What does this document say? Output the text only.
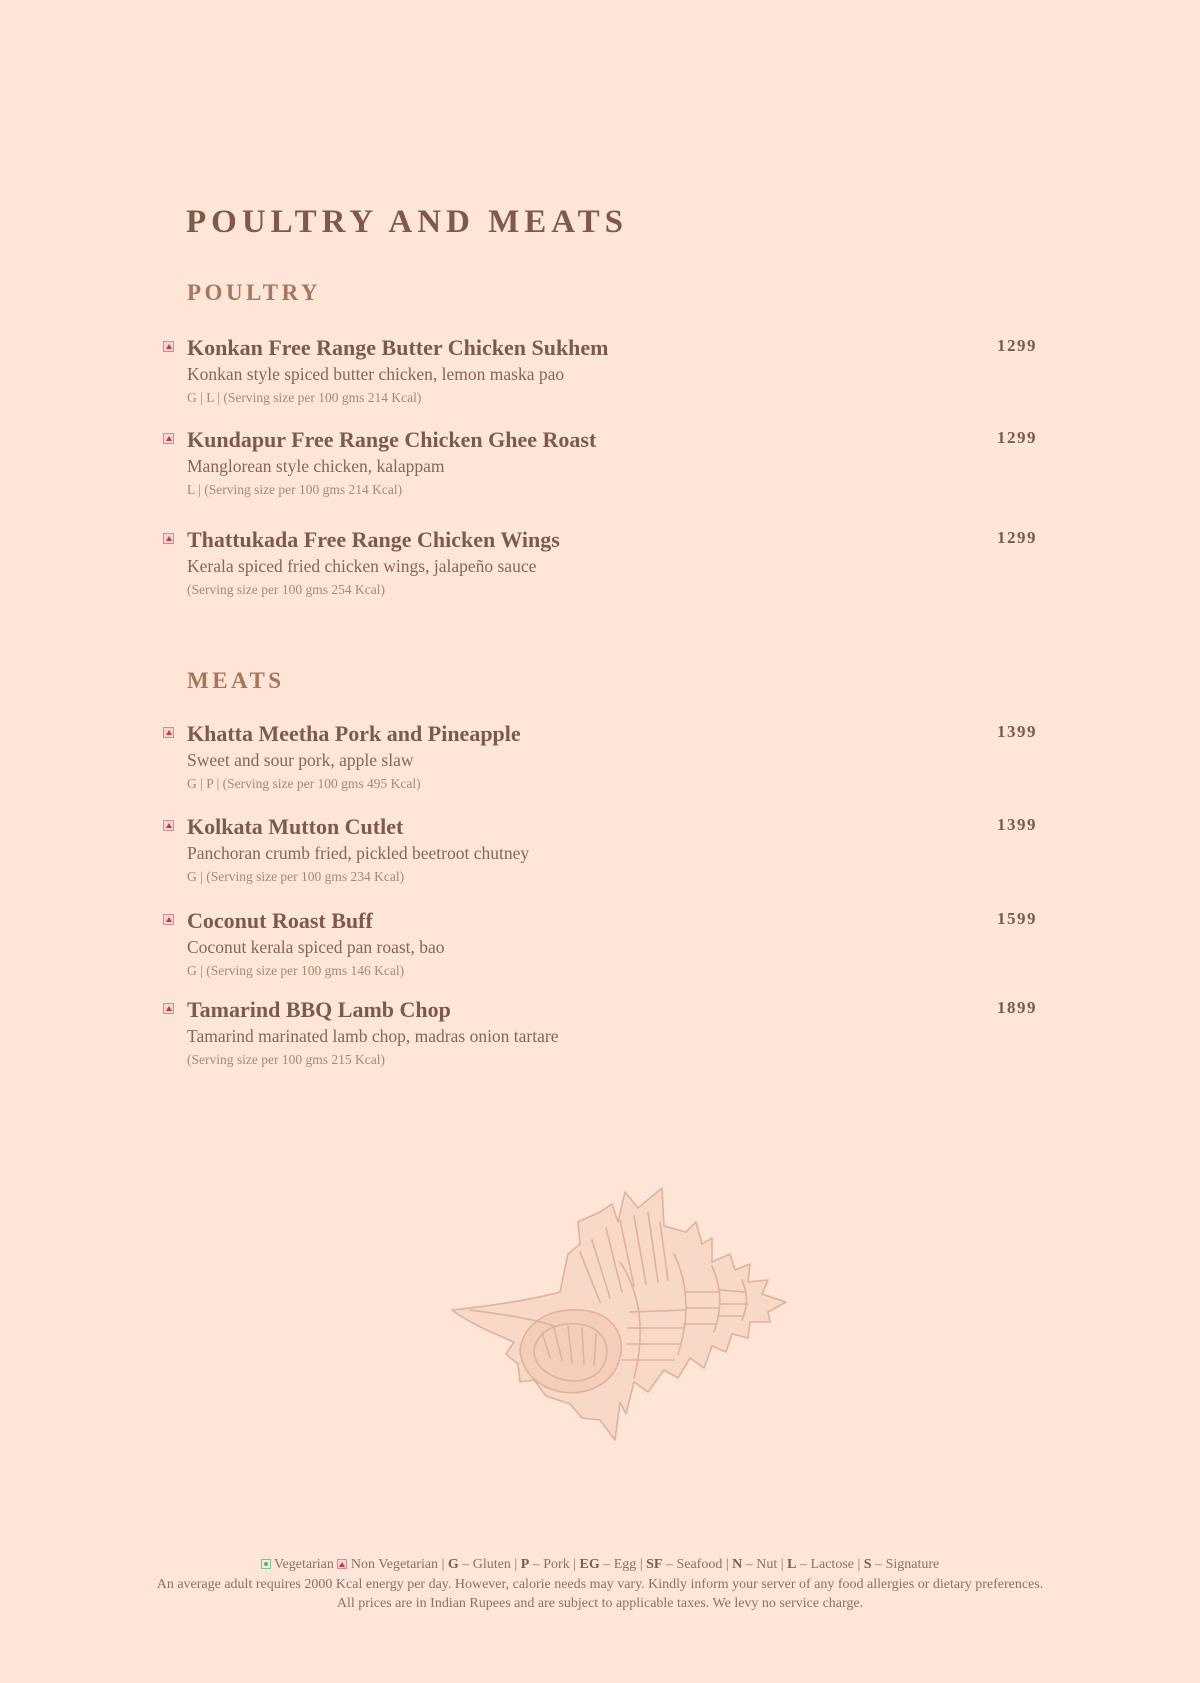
POULTRY AND MEATS
POULTRY
Konkan Free Range Butter Chicken Sukhem	1299
Konkan style spiced butter chicken, lemon maska pao
G | L | (Serving size per 100 gms 214 Kcal)
Kundapur Free Range Chicken Ghee Roast	1299
Manglorean style chicken, kalappam
L | (Serving size per 100 gms 214 Kcal)
Thattukada Free Range Chicken Wings	1299
Kerala spiced fried chicken wings, jalapeño sauce
(Serving size per 100 gms 254 Kcal)
MEATS
Khatta Meetha Pork and Pineapple	1399
Sweet and sour pork, apple slaw
G | P | (Serving size per 100 gms 495 Kcal)
Kolkata Mutton Cutlet	1399
Panchoran crumb fried, pickled beetroot chutney
G | (Serving size per 100 gms 234 Kcal)
Coconut Roast Buff	1599
Coconut kerala spiced pan roast, bao
G | (Serving size per 100 gms 146 Kcal)
Tamarind BBQ Lamb Chop	1899
Tamarind marinated lamb chop, madras onion tartare
(Serving size per 100 gms 215 Kcal)
Vegetarian Non Vegetarian | G – Gluten | P – Pork | EG – Egg | SF – Seafood | N – Nut | L – Lactose | S – Signature
An average adult requires 2000 Kcal energy per day. However, calorie needs may vary. Kindly inform your server of any food allergies or dietary preferences.
All prices are in Indian Rupees and are subject to applicable taxes. We levy no service charge.
